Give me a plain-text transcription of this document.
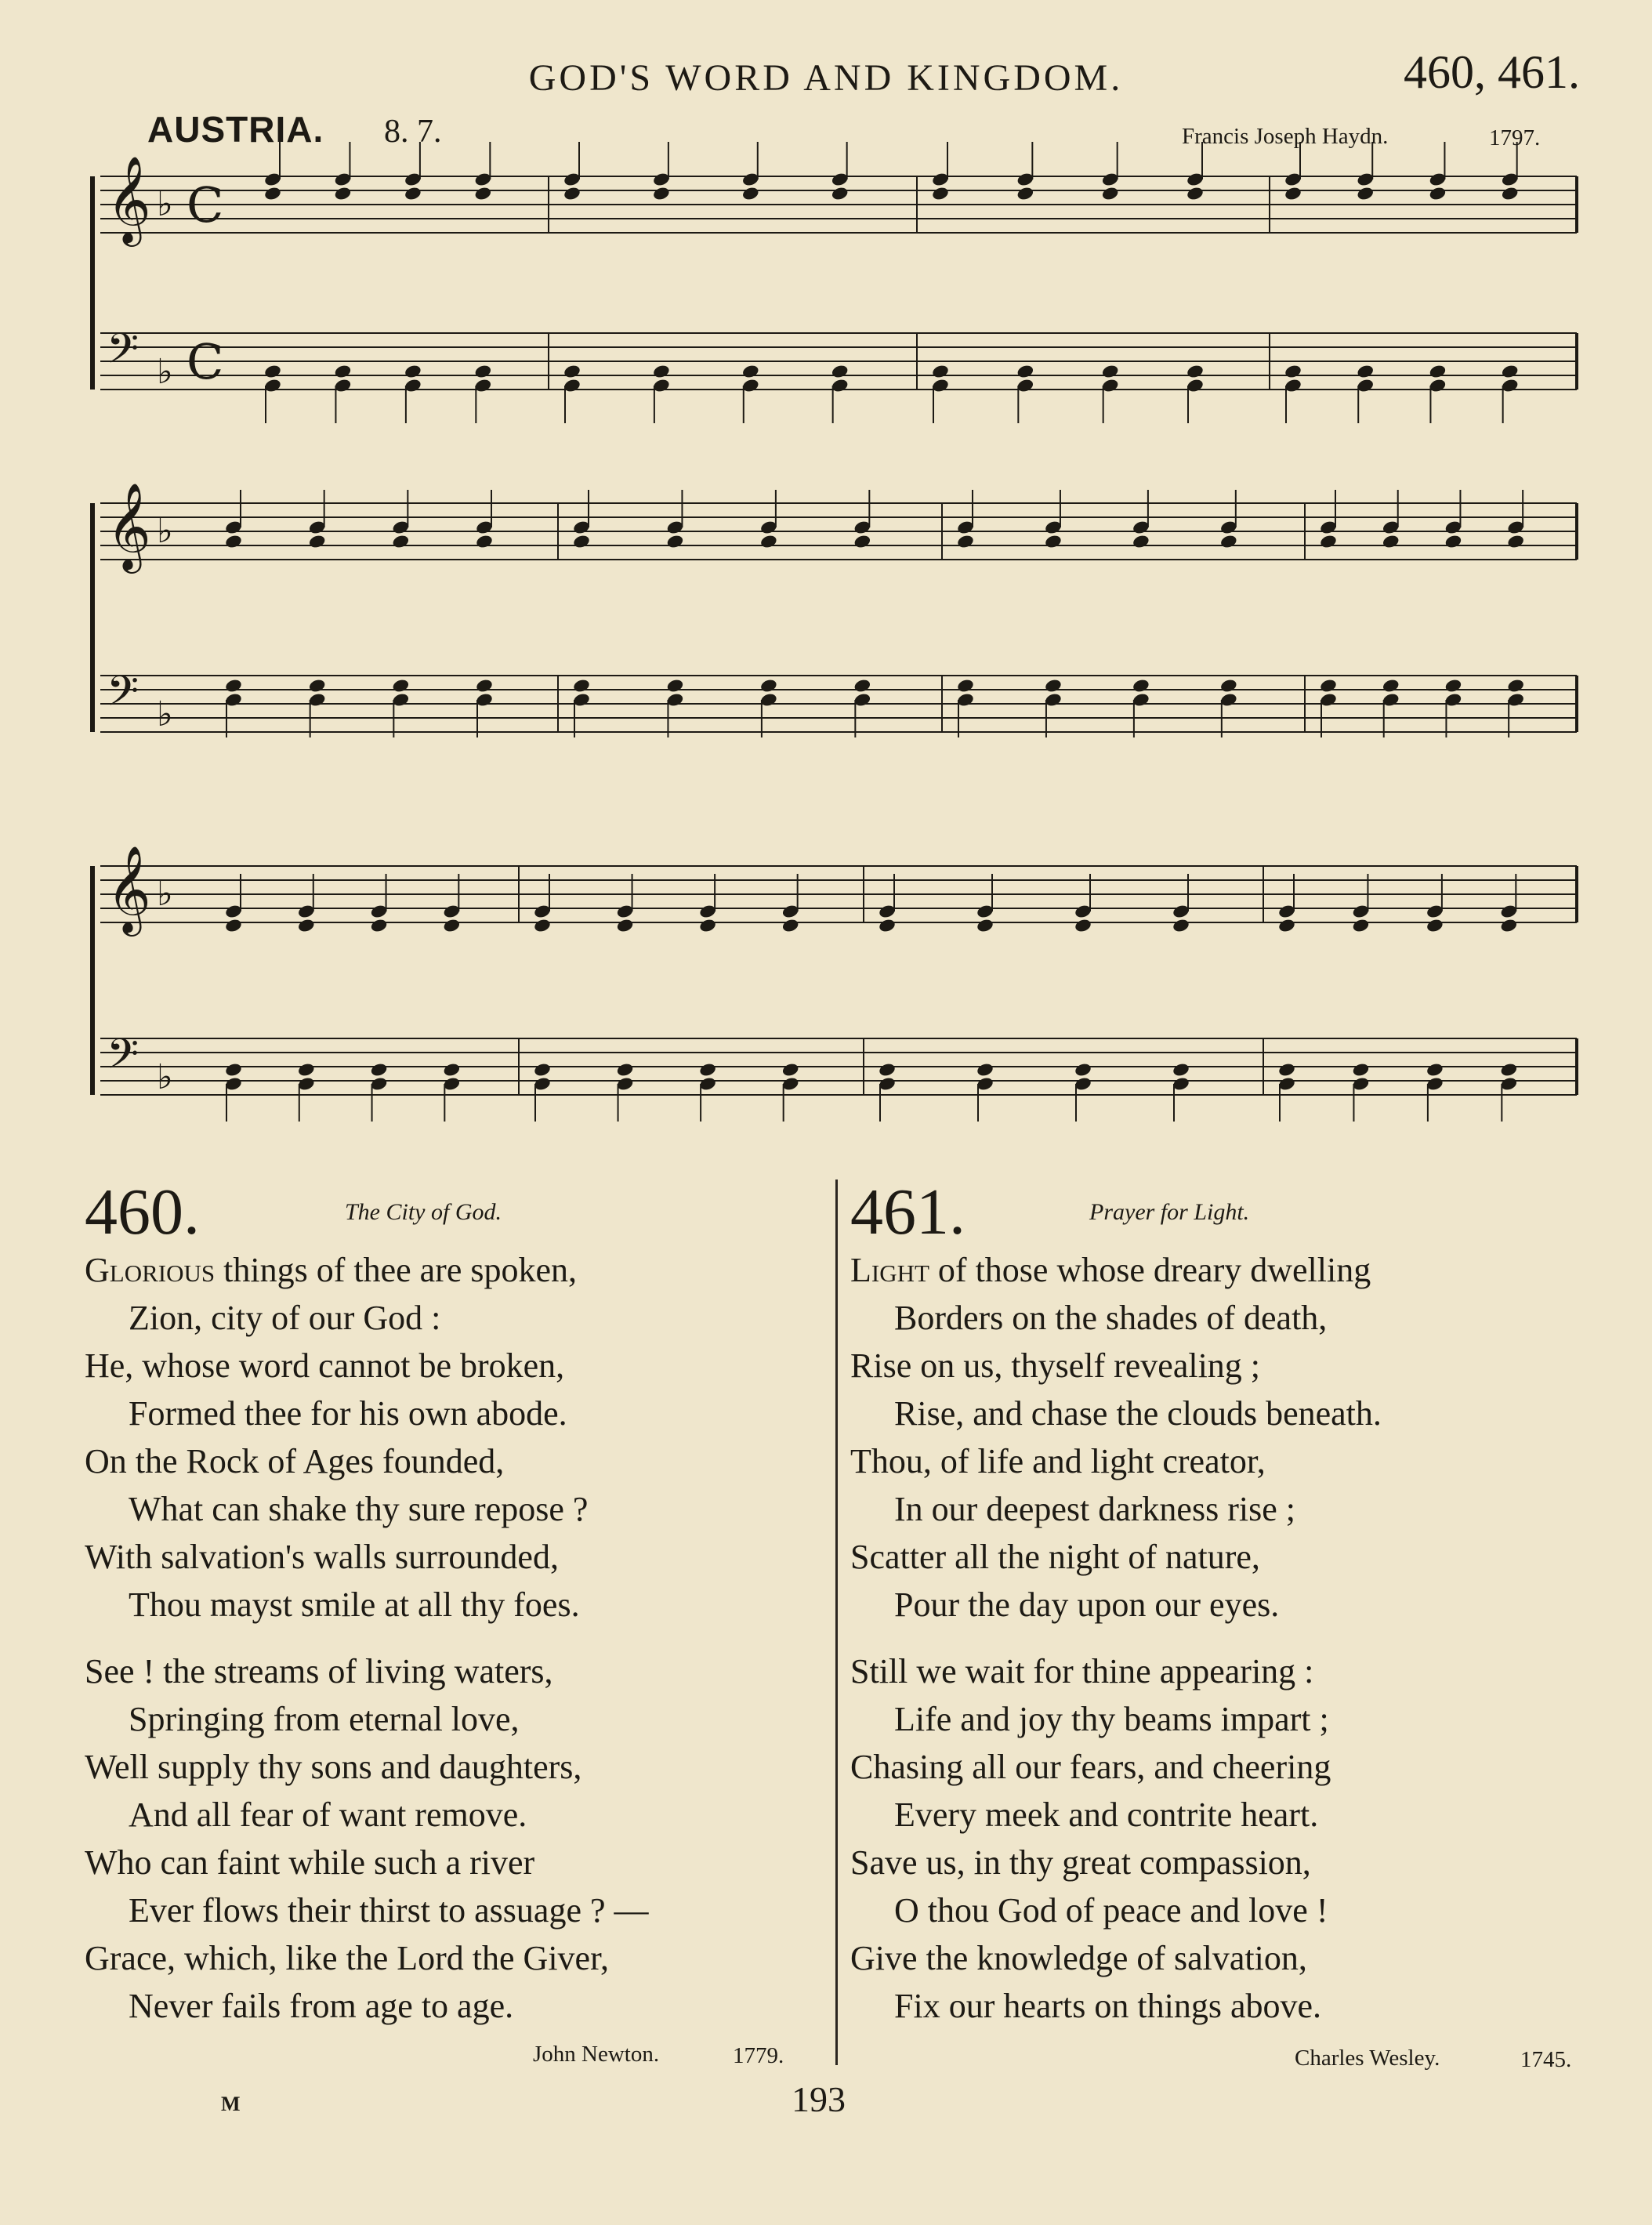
GOD'S WORD AND KINGDOM.	460, 461.
AUSTRIA. 8. 7.	Francis Joseph Haydn.	1797.
𝄞 ♭ C
𝄢 ♭ C
𝄞 ♭
𝄢 ♭
𝄞 ♭
𝄢 ♭
460.	The City of God.
Glorious things of thee are spoken,
Zion, city of our God :
He, whose word cannot be broken,
Formed thee for his own abode.
On the Rock of Ages founded,
What can shake thy sure repose ?
With salvation's walls surrounded,
Thou mayst smile at all thy foes.
See ! the streams of living waters,
Springing from eternal love,
Well supply thy sons and daughters,
And all fear of want remove.
Who can faint while such a river
Ever flows their thirst to assuage ? —
Grace, which, like the Lord the Giver,
Never fails from age to age.
John Newton.	1779.
461.	Prayer for Light.
Light of those whose dreary dwelling
Borders on the shades of death,
Rise on us, thyself revealing ;
Rise, and chase the clouds beneath.
Thou, of life and light creator,
In our deepest darkness rise ;
Scatter all the night of nature,
Pour the day upon our eyes.
Still we wait for thine appearing :
Life and joy thy beams impart ;
Chasing all our fears, and cheering
Every meek and contrite heart.
Save us, in thy great compassion,
O thou God of peace and love !
Give the knowledge of salvation,
Fix our hearts on things above.
Charles Wesley.	1745.
M	193
